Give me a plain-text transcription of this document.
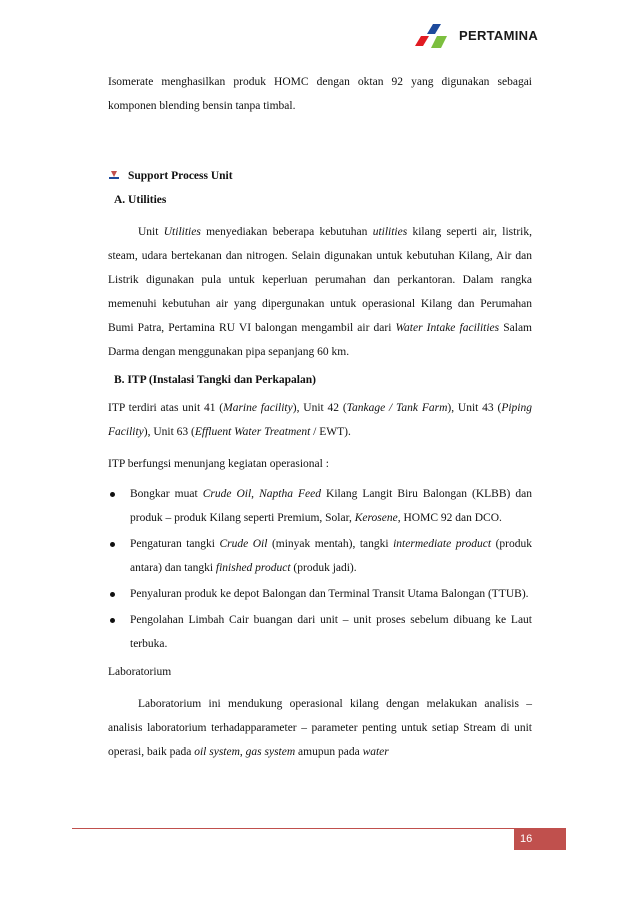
PERTAMINA

Isomerate menghasilkan produk HOMC dengan oktan 92 yang digunakan sebagai komponen blending bensin tanpa timbal.

Support Process Unit
A. Utilities

Unit Utilities menyediakan beberapa kebutuhan utilities kilang seperti air, listrik, steam, udara bertekanan dan nitrogen. Selain digunakan untuk kebutuhan Kilang, Air dan Listrik digunakan pula untuk keperluan perumahan dan perkantoran. Dalam rangka memenuhi kebutuhan air yang dipergunakan untuk operasional Kilang dan Perumahan Bumi Patra, Pertamina RU VI balongan mengambil air dari Water Intake facilities Salam Darma dengan menggunakan pipa sepanjang 60 km.

B. ITP (Instalasi Tangki dan Perkapalan)

ITP terdiri atas unit 41 (Marine facility), Unit 42 (Tankage / Tank Farm), Unit 43 (Piping Facility), Unit 63 (Effluent Water Treatment / EWT).

ITP berfungsi menunjang kegiatan operasional :

Bongkar muat Crude Oil, Naptha Feed Kilang Langit Biru Balongan (KLBB) dan produk – produk Kilang seperti Premium, Solar, Kerosene, HOMC 92 dan DCO.
Pengaturan tangki Crude Oil (minyak mentah), tangki intermediate product (produk antara) dan tangki finished product (produk jadi).
Penyaluran produk ke depot Balongan dan Terminal Transit Utama Balongan (TTUB).
Pengolahan Limbah Cair buangan dari unit – unit proses sebelum dibuang ke Laut terbuka.

Laboratorium

Laboratorium ini mendukung operasional kilang dengan melakukan analisis – analisis laboratorium terhadapparameter – parameter penting untuk setiap Stream di unit operasi, baik pada oil system, gas system amupun pada water

16
